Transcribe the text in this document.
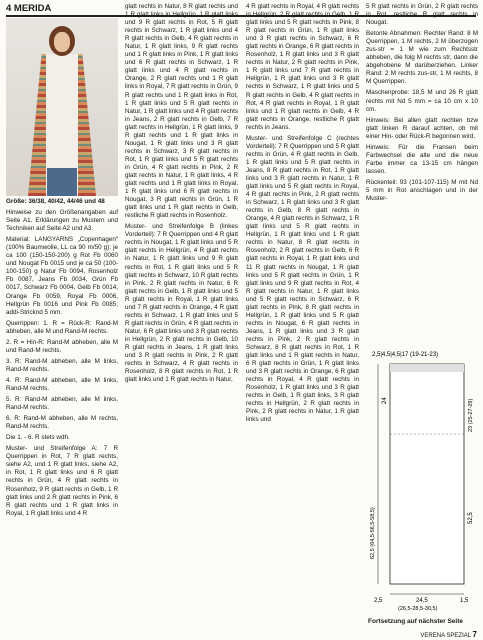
4 MERIDA

Größe: 36/38, 40/42, 44/46 und 48

Hinweise zu den Größenangaben auf Seite A1. Erklärungen zu Mustern und Techniken auf Seite A2 und A3.

Material: LANGYARNS „Copenhagen“ (100% Baumwolle, LL ca 90 m/50 g): je ca 100 (150-150-200) g Rot Fb 0060 und Nougat Fb 0015 und je ca 50 (100-100-150) g Natur Fb 0094, Rosenholz Fb 0087, Jeans Fb 0034, Grün Fb 0017, Schwarz Fb 0004, Gelb Fb 0014, Orange Fb 0059, Royal Fb 0006, Hellgrün Fb 0016 und Pink Fb 0085; addi-Stricknd 5 mm.

Querrippen: 1. R = Rück-R: Rand-M abheben, alle M und Rand-M rechts.

2. R = Hin-R: Rand-M abheben, alle M und Rand-M rechts.

3. R: Rand-M abheben, alle M links, Rand-M rechts.

4. R: Rand-M abheben, alle M links, Rand-M rechts.

5. R: Rand-M abheben, alle M links, Rand-M rechts.

6. R: Rand-M abheben, alle M rechts, Rand-M rechts.

Die 1. - 6. R stets wdh.

Muster- und Streifenfolge A: 7 R Querrippen in Rot, 7 R glatt rechts, siehe A2, und 1 R glatt links, siehe A2, in Rot, 1 R glatt links und 6 R glatt rechts in Grün, 4 R glatt rechts in Rosenholz, 9 R glatt rechts in Gelb, 1 R glatt links und 2 R glatt rechts in Pink, 6 R glatt rechts und 1 R glatt links in Royal, 1 R glatt links und 4 R

glatt rechts in Natur, 8 R glatt rechts und 1 R glatt links in Hellgrün, 1 R glatt links und 9 R glatt rechts in Rot, 5 R glatt rechts in Schwarz, 1 R glatt links und 4 R glatt rechts in Gelb, 4 R glatt rechts in Natur, 1 R glatt links, 9 R glatt rechts und 1 R glatt links in Pink, 1 R glatt links und 6 R glatt rechts in Schwarz, 1 R glatt links und 4 R glatt rechts in Orange, 2 R glatt rechts und 1 R glatt links in Royal, 7 R glatt rechts in Grün, 9 R glatt rechts und 1 R glatt links in Rot, 1 R glatt links und 5 R glatt rechts in Natur, 1 R glatt links und 4 R glatt rechts in Jeans, 2 R glatt rechts in Gelb, 7 R glatt rechts in Hellgrün, 1 R glatt links, 9 R glatt rechts und 1 R glatt links in Nougat, 1 R glatt links und 3 R glatt rechts in Schwarz, 3 R glatt rechts in Rot, 1 R glatt links und 5 R glatt rechts in Grün, 4 R glatt rechts in Pink, 2 R glatt rechts in Natur, 1 R glatt links, 4 R glatt rechts und 1 R glatt links in Royal, 1 R glatt links und 6 R glatt rechts in Nougat, 3 R glatt rechts in Grün, 1 R glatt links und 1 R glatt rechts in Gelb, restliche R glatt rechts in Rosenholz.

Muster- und Streifenfolge B (linkes Vorderteil): 7 R Querrippen und 4 R glatt rechts in Nougat, 1 R glatt links und 5 R glatt rechts in Hellgrün, 4 R glatt rechts in Natur, 1 R glatt links und 9 R glatt rechts in Rot, 1 R glatt links und 5 R glatt rechts in Schwarz, 10 R glatt rechts in Pink, 2 R glatt rechts in Natur, 6 R glatt rechts in Gelb, 1 R glatt links und 5 R glatt rechts in Royal, 1 R glatt links und 7 R glatt rechts in Orange, 4 R glatt rechts in Schwarz, 1 R glatt links und 5 R glatt rechts in Grün, 4 R glatt rechts in Natur, 6 R glatt links und 3 R glatt rechts in Hellgrün, 2 R glatt rechts in Gelb, 10 R glatt rechts in Jeans, 1 R glatt links und 3 R glatt rechts in Pink, 2 R glatt rechts in Schwarz, 4 R glatt rechts in Rosenholz, 8 R glatt rechts in Rot, 1 R glatt links und 1 R glatt rechts in Natur,

4 R glatt rechts in Royal, 4 R glatt rechts in Hellgrün, 2 R glatt rechts in Gelb, 1 R glatt links und 5 R glatt rechts in Pink, 8 R glatt rechts in Grün, 1 R glatt links und 3 R glatt rechts in Schwarz, 6 R glatt rechts in Orange, 6 R glatt rechts in Rosenholz, 1 R glatt links und 3 R glatt rechts in Natur, 2 R glatt rechts in Pink, 1 R glatt links und 7 R glatt rechts in Hellgrün, 1 R glatt links und 3 R glatt rechts in Schwarz, 1 R glatt links und 5 R glatt rechts in Gelb, 4 R glatt rechts in Rot, 4 R glatt rechts in Royal, 1 R glatt links und 1 R glatt rechts in Gelb, 4 R glatt rechts in Orange, restliche R glatt rechts in Jeans.

Muster- und Streifenfolge C (rechtes Vorderteil): 7 R Querrippen und 5 R glatt rechts in Grün, 4 R glatt rechts in Gelb, 1 R glatt links und 5 R glatt rechts in Jeans, 8 R glatt rechts in Rot, 1 R glatt links und 3 R glatt rechts in Natur, 1 R glatt links und 5 R glatt rechts in Royal, 4 R glatt rechts in Pink, 2 R glatt rechts in Schwarz, 1 R glatt links und 3 R glatt rechts in Gelb, 8 R glatt rechts in Orange, 4 R glatt rechts in Schwarz, 1 R glatt links und 5 R glatt rechts in Hellgrün, 1 R glatt links und 1 R glatt rechts in Natur, 8 R glatt rechts in Rosenholz, 2 R glatt rechts in Gelb, 6 R glatt rechts in Royal, 1 R glatt links und 11 R glatt rechts in Nougat, 1 R glatt links und 5 R glatt rechts in Grün, 1 R glatt links und 9 R glatt rechts in Rot, 4 R glatt rechts in Natur, 1 R glatt links und 5 R glatt rechts in Schwarz, 6 R glatt rechts in Pink, 8 R glatt rechts in Hellgrün, 1 R glatt links und 5 R glatt rechts in Nougat, 6 R glatt rechts in Jeans, 1 R glatt links und 3 R glatt rechts in Pink, 2 R glatt rechts in Schwarz, 8 R glatt rechts in Rot, 1 R glatt links und 1 R glatt rechts in Natur, 6 R glatt rechts in Grün, 1 R glatt links und 3 R glatt rechts in Orange, 6 R glatt rechts in Royal, 4 R glatt rechts in Rosenholz, 1 R glatt links und 3 R glatt rechts in Gelb, 1 R glatt links, 3 R glatt rechts in Hellgrün, 2 R glatt rechts in Pink, 2 R glatt rechts in Natur, 1 R glatt links und

5 R glatt rechts in Grün, 2 R glatt rechts in Rot, restliche R glatt rechts in Nougat.

Betonte Abnahmen: Rechter Rand: 8 M Querrippen, 1 M rechts, 2 M überzogen zus-str = 1 M wie zum Rechtsstr abheben, die folg M rechts str, dann die abgehobene M darüberziehen. Linker Rand: 2 M rechts zus-str, 1 M rechts, 8 M Querrippen.

Maschenprobe: 18,5 M und 26 R glatt rechts mit Nd 5 mm = ca 10 cm x 10 cm.

Hinweis: Bei allen glatt rechten bzw glatt linken R darauf achten, ob mit einer Hin- oder Rück-R begonnen wird.

Hinweis: Für die Fransen beim Farbwechsel die alte und die neue Farbe immer ca 13-15 cm hängen lassen.

Rückenteil: 93 (101-107-115) M mit Nd 5 mm in Rot anschlagen und in der Muster-

2,5|4,5|4,5|17 (19-21-23)
24
62,5 (64,5-56,5-58,5)
23 (25-27-29)
52,5
2,5	24,5	1,5
(26,5-28,5-30,5)
Fortsetzung auf nächster Seite
VERENA SPEZIAL 7
